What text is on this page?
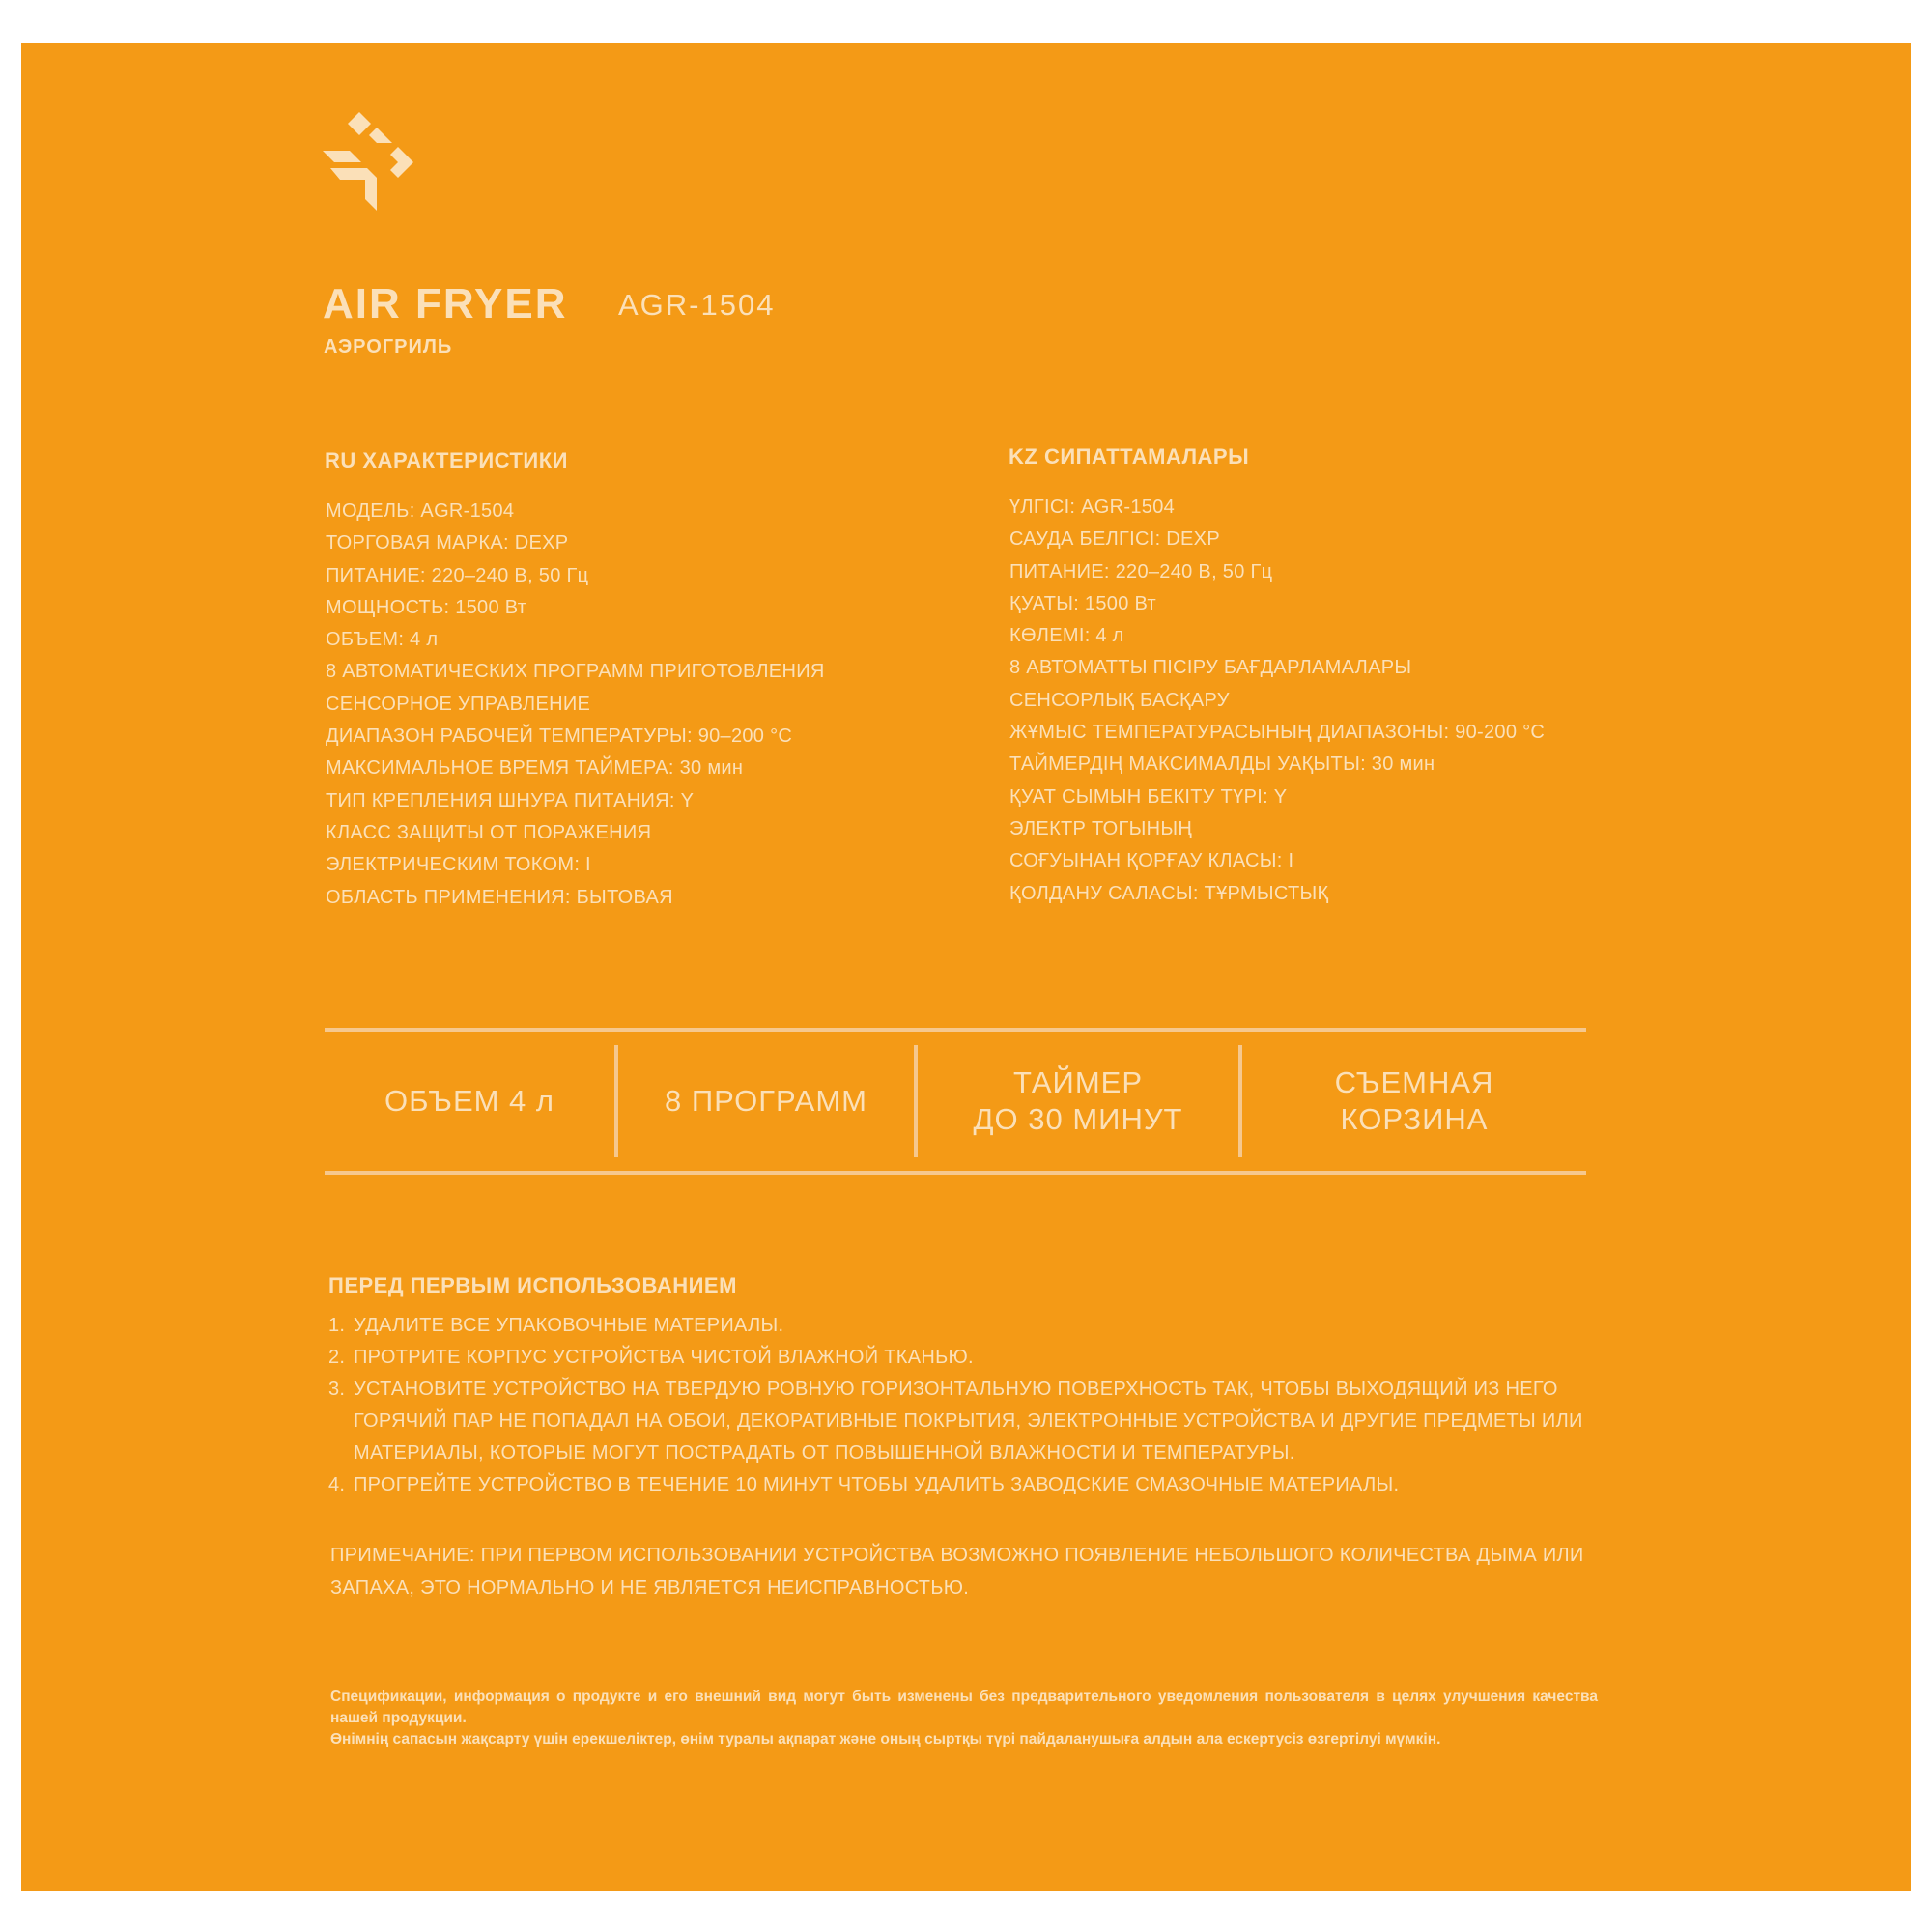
AIR FRYER AGR-1504
АЭРОГРИЛЬ
RU ХАРАКТЕРИСТИКИ
МОДЕЛЬ: AGR-1504
ТОРГОВАЯ МАРКА: DEXP
ПИТАНИЕ: 220–240 В, 50 Гц
МОЩНОСТЬ: 1500 Вт
ОБЪЕМ: 4 л
8 АВТОМАТИЧЕСКИХ ПРОГРАММ ПРИГОТОВЛЕНИЯ
СЕНСОРНОЕ УПРАВЛЕНИЕ
ДИАПАЗОН РАБОЧЕЙ ТЕМПЕРАТУРЫ: 90–200 °С
МАКСИМАЛЬНОЕ ВРЕМЯ ТАЙМЕРА: 30 мин
ТИП КРЕПЛЕНИЯ ШНУРА ПИТАНИЯ: Y
КЛАСС ЗАЩИТЫ ОТ ПОРАЖЕНИЯ
ЭЛЕКТРИЧЕСКИМ ТОКОМ: I
ОБЛАСТЬ ПРИМЕНЕНИЯ: БЫТОВАЯ
KZ СИПАТТАМАЛАРЫ
ҮЛГІСІ: AGR-1504
САУДА БЕЛГІСІ: DEXP
ПИТАНИЕ: 220–240 В, 50 Гц
ҚУАТЫ: 1500 Вт
КӨЛЕМІ: 4 л
8 АВТОМАТТЫ ПІСІРУ БАҒДАРЛАМАЛАРЫ
СЕНСОРЛЫҚ БАСҚАРУ
ЖҰМЫС ТЕМПЕРАТУРАСЫНЫҢ ДИАПАЗОНЫ: 90-200 °С
ТАЙМЕРДІҢ МАКСИМАЛДЫ УАҚЫТЫ: 30 мин
ҚУАТ СЫМЫН БЕКІТУ ТҮРІ: Y
ЭЛЕКТР ТОГЫНЫҢ
СОҒУЫНАН ҚОРҒАУ КЛАСЫ: I
ҚОЛДАНУ САЛАСЫ: ТҰРМЫСТЫҚ
ОБЪЕМ 4 л	8 ПРОГРАММ
ТАЙМЕР
ДО 30 МИНУТ
СЪЕМНАЯ
КОРЗИНА
ПЕРЕД ПЕРВЫМ ИСПОЛЬЗОВАНИЕМ
1. УДАЛИТЕ ВСЕ УПАКОВОЧНЫЕ МАТЕРИАЛЫ.
2. ПРОТРИТЕ КОРПУС УСТРОЙСТВА ЧИСТОЙ ВЛАЖНОЙ ТКАНЬЮ.
3. УСТАНОВИТЕ УСТРОЙСТВО НА ТВЕРДУЮ РОВНУЮ ГОРИЗОНТАЛЬНУЮ ПОВЕРХНОСТЬ ТАК, ЧТОБЫ ВЫХОДЯЩИЙ ИЗ НЕГО ГОРЯЧИЙ ПАР НЕ ПОПАДАЛ НА ОБОИ, ДЕКОРАТИВНЫЕ ПОКРЫТИЯ, ЭЛЕКТРОННЫЕ УСТРОЙСТВА И ДРУГИЕ ПРЕДМЕТЫ ИЛИ МАТЕРИАЛЫ, КОТОРЫЕ МОГУТ ПОСТРАДАТЬ ОТ ПОВЫШЕННОЙ ВЛАЖНОСТИ И ТЕМПЕРАТУРЫ.
4. ПРОГРЕЙТЕ УСТРОЙСТВО В ТЕЧЕНИЕ 10 МИНУТ ЧТОБЫ УДАЛИТЬ ЗАВОДСКИЕ СМАЗОЧНЫЕ МАТЕРИАЛЫ.
ПРИМЕЧАНИЕ: ПРИ ПЕРВОМ ИСПОЛЬЗОВАНИИ УСТРОЙСТВА ВОЗМОЖНО ПОЯВЛЕНИЕ НЕБОЛЬШОГО КОЛИЧЕСТВА ДЫМА ИЛИ ЗАПАХА, ЭТО НОРМАЛЬНО И НЕ ЯВЛЯЕТСЯ НЕИСПРАВНОСТЬЮ.

Спецификации, информация о продукте и его внешний вид могут быть изменены без предварительного уведомления пользователя в целях улучшения качества нашей продукции.

Өнімнің сапасын жақсарту үшін ерекшеліктер, өнім туралы ақпарат және оның сыртқы түрі пайдаланушыға алдын ала ескертусіз өзгертілуі мүмкін.
